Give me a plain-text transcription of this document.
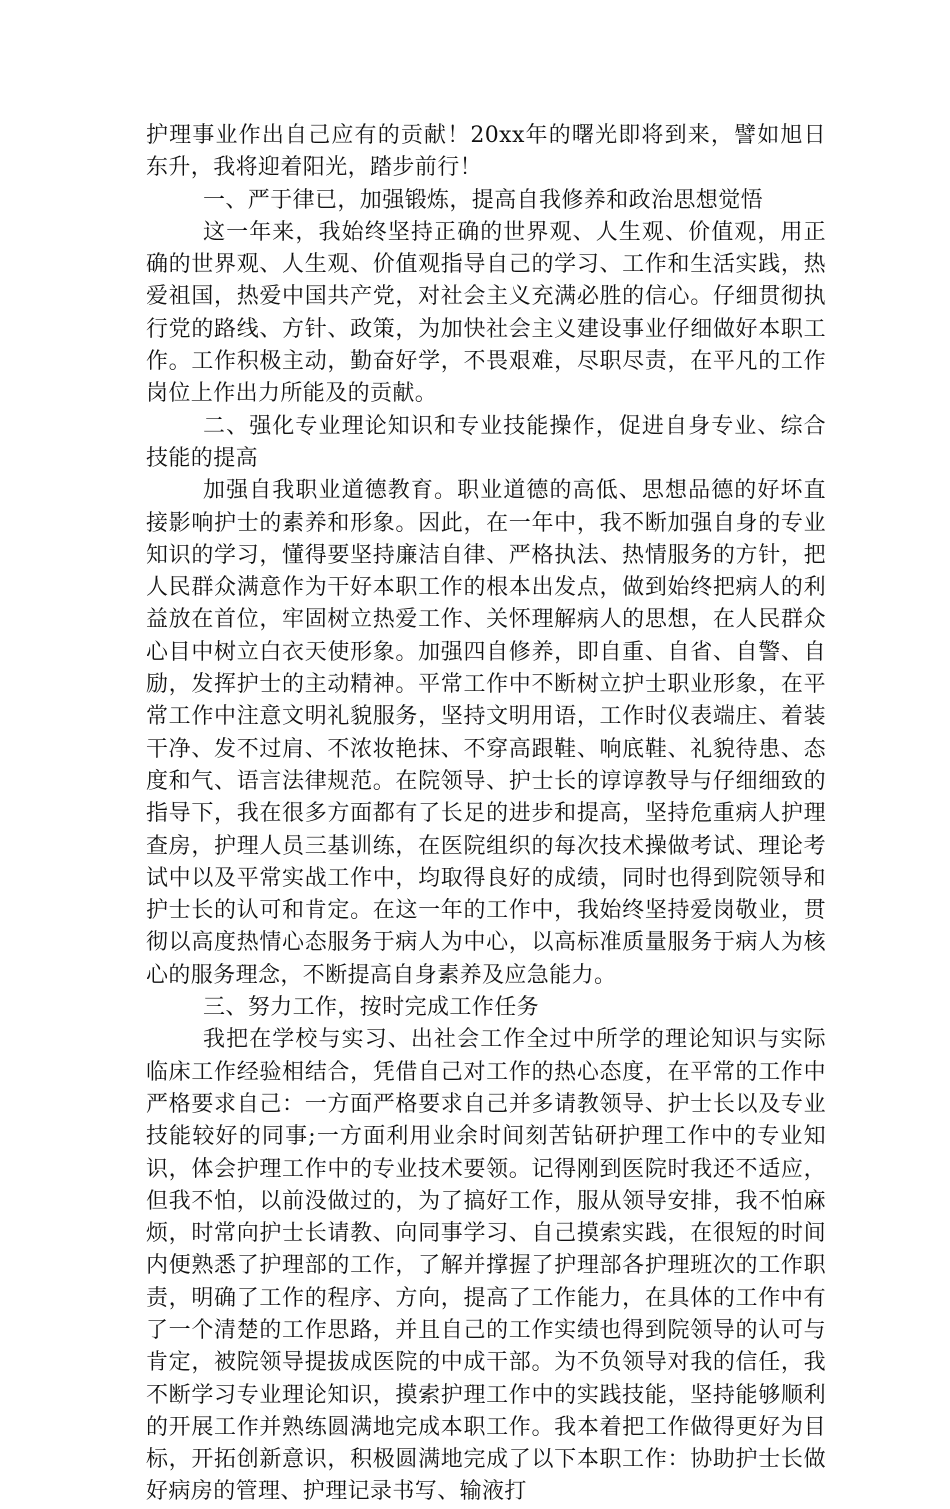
护理事业作出自己应有的贡献！20xx年的曙光即将到来，譬如旭日东升，我将迎着阳光，踏步前行！

一、严于律已，加强锻炼，提高自我修养和政治思想觉悟

这一年来，我始终坚持正确的世界观、人生观、价值观，用正确的世界观、人生观、价值观指导自己的学习、工作和生活实践，热爱祖国，热爱中国共产党，对社会主义充满必胜的信心。仔细贯彻执行党的路线、方针、政策，为加快社会主义建设事业仔细做好本职工作。工作积极主动，勤奋好学，不畏艰难，尽职尽责，在平凡的工作岗位上作出力所能及的贡献。

二、强化专业理论知识和专业技能操作，促进自身专业、综合技能的提高

加强自我职业道德教育。职业道德的高低、思想品德的好坏直接影响护士的素养和形象。因此，在一年中，我不断加强自身的专业知识的学习，懂得要坚持廉洁自律、严格执法、热情服务的方针，把人民群众满意作为干好本职工作的根本出发点，做到始终把病人的利益放在首位，牢固树立热爱工作、关怀理解病人的思想，在人民群众心目中树立白衣天使形象。加强四自修养，即自重、自省、自警、自励，发挥护士的主动精神。平常工作中不断树立护士职业形象，在平常工作中注意文明礼貌服务，坚持文明用语，工作时仪表端庄、着装干净、发不过肩、不浓妆艳抹、不穿高跟鞋、响底鞋、礼貌待患、态度和气、语言法律规范。在院领导、护士长的谆谆教导与仔细细致的指导下，我在很多方面都有了长足的进步和提高，坚持危重病人护理查房，护理人员三基训练，在医院组织的每次技术操做考试、理论考试中以及平常实战工作中，均取得良好的成绩，同时也得到院领导和护士长的认可和肯定。在这一年的工作中，我始终坚持爱岗敬业，贯彻以高度热情心态服务于病人为中心，以高标准质量服务于病人为核心的服务理念，不断提高自身素养及应急能力。

三、努力工作，按时完成工作任务

我把在学校与实习、出社会工作全过中所学的理论知识与实际临床工作经验相结合，凭借自己对工作的热心态度，在平常的工作中严格要求自己：一方面严格要求自己并多请教领导、护士长以及专业技能较好的同事;一方面利用业余时间刻苦钻研护理工作中的专业知识，体会护理工作中的专业技术要领。记得刚到医院时我还不适应，但我不怕，以前没做过的，为了搞好工作，服从领导安排，我不怕麻烦，时常向护士长请教、向同事学习、自己摸索实践，在很短的时间内便熟悉了护理部的工作，了解并撑握了护理部各护理班次的工作职责，明确了工作的程序、方向，提高了工作能力，在具体的工作中有了一个清楚的工作思路，并且自己的工作实绩也得到院领导的认可与肯定，被院领导提拔成医院的中成干部。为不负领导对我的信任，我不断学习专业理论知识，摸索护理工作中的实践技能，坚持能够顺利的开展工作并熟练圆满地完成本职工作。我本着把工作做得更好为目标，开拓创新意识，积极圆满地完成了以下本职工作：协助护士长做好病房的管理、护理记录书写、输液打
